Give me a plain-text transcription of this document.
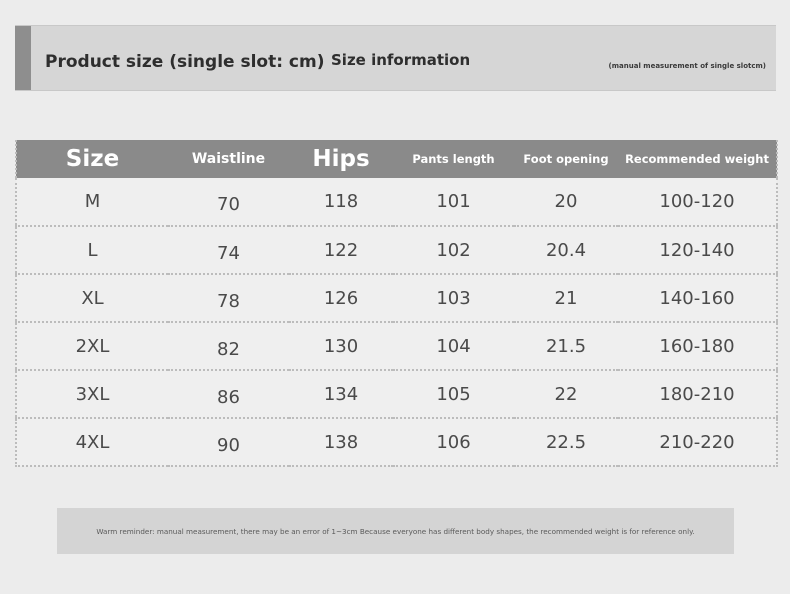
Product size (single slot: cm) Size information	(manual measurement of single slotcm)
Size	Waistline	Hips	Pants length	Foot opening	Recommended weight
M	70	118	101	20	100-120
L	74	122	102	20.4	120-140
XL	78	126	103	21	140-160
2XL	82	130	104	21.5	160-180
3XL	86	134	105	22	180-210
4XL	90	138	106	22.5	210-220
Warm reminder: manual measurement, there may be an error of 1~3cm Because everyone has different body shapes, the recommended weight is for reference only.
